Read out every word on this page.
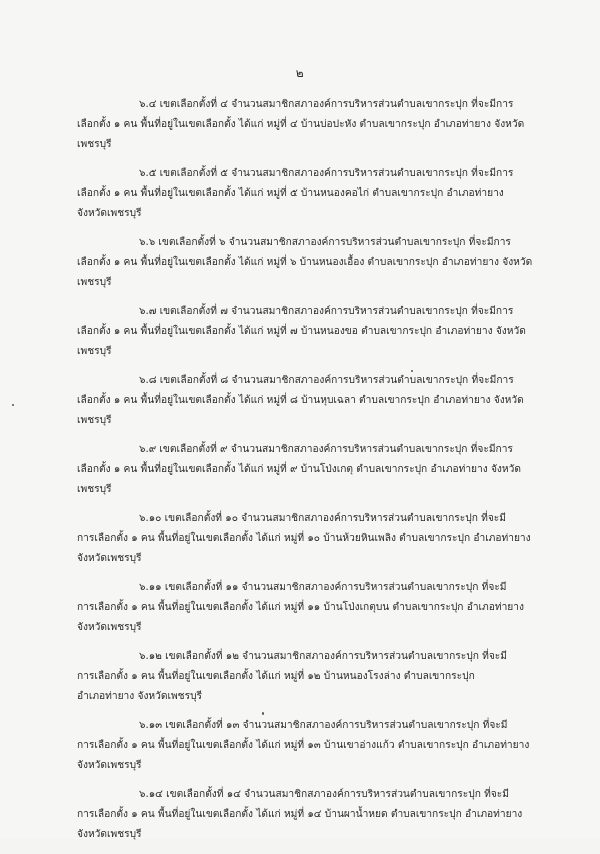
๒
๖.๔ เขตเลือกตั้งที่ ๔ จำนวนสมาชิกสภาองค์การบริหารส่วนตำบลเขากระปุก ที่จะมีการ
เลือกตั้ง ๑ คน พื้นที่อยู่ในเขตเลือกตั้ง ได้แก่ หมู่ที่ ๔ บ้านบ่อปะหัง ตำบลเขากระปุก อำเภอท่ายาง จังหวัด
เพชรบุรี
๖.๕ เขตเลือกตั้งที่ ๕ จำนวนสมาชิกสภาองค์การบริหารส่วนตำบลเขากระปุก ที่จะมีการ
เลือกตั้ง ๑ คน พื้นที่อยู่ในเขตเลือกตั้ง ได้แก่ หมู่ที่ ๕ บ้านหนองคอไก่ ตำบลเขากระปุก อำเภอท่ายาง
จังหวัดเพชรบุรี
๖.๖ เขตเลือกตั้งที่ ๖ จำนวนสมาชิกสภาองค์การบริหารส่วนตำบลเขากระปุก ที่จะมีการ
เลือกตั้ง ๑ คน พื้นที่อยู่ในเขตเลือกตั้ง ได้แก่ หมู่ที่ ๖ บ้านหนองเอื้อง ตำบลเขากระปุก อำเภอท่ายาง จังหวัด
เพชรบุรี
๖.๗ เขตเลือกตั้งที่ ๗ จำนวนสมาชิกสภาองค์การบริหารส่วนตำบลเขากระปุก ที่จะมีการ
เลือกตั้ง ๑ คน พื้นที่อยู่ในเขตเลือกตั้ง ได้แก่ หมู่ที่ ๗ บ้านหนองขอ ตำบลเขากระปุก อำเภอท่ายาง จังหวัด
เพชรบุรี
๖.๘ เขตเลือกตั้งที่ ๘ จำนวนสมาชิกสภาองค์การบริหารส่วนตำบลเขากระปุก ที่จะมีการ
เลือกตั้ง ๑ คน พื้นที่อยู่ในเขตเลือกตั้ง ได้แก่ หมู่ที่ ๘ บ้านหุบเฉลา ตำบลเขากระปุก อำเภอท่ายาง จังหวัด
เพชรบุรี
๖.๙ เขตเลือกตั้งที่ ๙ จำนวนสมาชิกสภาองค์การบริหารส่วนตำบลเขากระปุก ที่จะมีการ
เลือกตั้ง ๑ คน พื้นที่อยู่ในเขตเลือกตั้ง ได้แก่ หมู่ที่ ๙ บ้านโป่งเกตุ ตำบลเขากระปุก อำเภอท่ายาง จังหวัด
เพชรบุรี
๖.๑๐ เขตเลือกตั้งที่ ๑๐ จำนวนสมาชิกสภาองค์การบริหารส่วนตำบลเขากระปุก ที่จะมี
การเลือกตั้ง ๑ คน พื้นที่อยู่ในเขตเลือกตั้ง ได้แก่ หมู่ที่ ๑๐ บ้านห้วยหินเพลิง ตำบลเขากระปุก อำเภอท่ายาง
จังหวัดเพชรบุรี
๖.๑๑ เขตเลือกตั้งที่ ๑๑ จำนวนสมาชิกสภาองค์การบริหารส่วนตำบลเขากระปุก ที่จะมี
การเลือกตั้ง ๑ คน พื้นที่อยู่ในเขตเลือกตั้ง ได้แก่ หมู่ที่ ๑๑ บ้านโป่งเกตุบน ตำบลเขากระปุก อำเภอท่ายาง
จังหวัดเพชรบุรี
๖.๑๒ เขตเลือกตั้งที่ ๑๒ จำนวนสมาชิกสภาองค์การบริหารส่วนตำบลเขากระปุก ที่จะมี
การเลือกตั้ง ๑ คน พื้นที่อยู่ในเขตเลือกตั้ง ได้แก่ หมู่ที่ ๑๒ บ้านหนองโรงล่าง ตำบลเขากระปุก
อำเภอท่ายาง จังหวัดเพชรบุรี
๖.๑๓ เขตเลือกตั้งที่ ๑๓ จำนวนสมาชิกสภาองค์การบริหารส่วนตำบลเขากระปุก ที่จะมี
การเลือกตั้ง ๑ คน พื้นที่อยู่ในเขตเลือกตั้ง ได้แก่ หมู่ที่ ๑๓ บ้านเขาอ่างแก้ว ตำบลเขากระปุก อำเภอท่ายาง
จังหวัดเพชรบุรี
๖.๑๔ เขตเลือกตั้งที่ ๑๔ จำนวนสมาชิกสภาองค์การบริหารส่วนตำบลเขากระปุก ที่จะมี
การเลือกตั้ง ๑ คน พื้นที่อยู่ในเขตเลือกตั้ง ได้แก่ หมู่ที่ ๑๔ บ้านผาน้ำหยด ตำบลเขากระปุก อำเภอท่ายาง
จังหวัดเพชรบุรี
